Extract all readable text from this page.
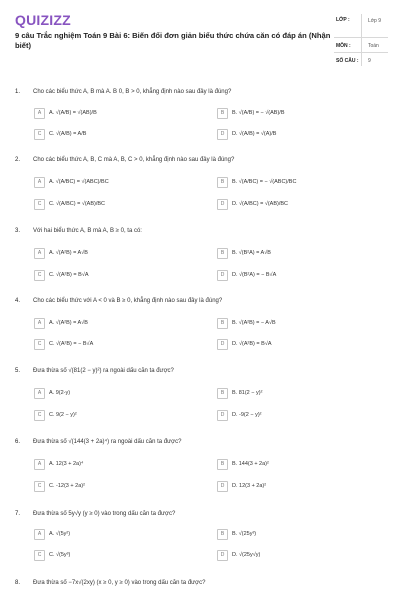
QUIZIZZ
9 câu Trắc nghiệm Toán 9 Bài 6: Biến đổi đơn giản biểu thức chứa căn có đáp án (Nhận biết)
LỚP :	Lớp 9
MÔN :	Toán
SỐ CÂU : 9
1. Cho các biểu thức A, B mà A. B 0, B > 0, khẳng định nào sau đây là đúng?
A	A. √(A/B) = √(AB)/B	B	B. √(A/B) = − √(AB)/B
C	C. √(A/B) = A/B	D	D. √(A/B) = √(A)/B
2. Cho các biểu thức A, B, C mà A, B, C > 0, khẳng định nào sau đây là đúng?
A	A. √(A/BC) = √(ABC)/BC	B	B. √(A/BC) = − √(ABC)/BC
C	C. √(A/BC) = √(AB)/BC	D	D. √(A/BC) = √(AB)/BC
3. Với hai biểu thức A, B mà A, B ≥ 0, ta có:
A	A. √(A²B) = A√B	B	B. √(B²A) = A√B
C	C. √(A²B) = B√A	D	D. √(B²A) = − B√A
4. Cho các biểu thức với A < 0 và B ≥ 0, khẳng định nào sau đây là đúng?
A	A. √(A²B) = A√B	B	B. √(A²B) = − A√B
C	C. √(A²B) = − B√A	D	D. √(A²B) = B√A
5. Đưa thừa số √(81(2 − y)²) ra ngoài dấu căn ta được?
A	A. 9(2-y)	B	B. 81(2 − y)²
C	C. 9(2 − y)²	D	D. -9(2 − y)²
6. Đưa thừa số √(144(3 + 2a)⁴) ra ngoài dấu căn ta được?
A	A. 12(3 + 2a)⁴	B	B. 144(3 + 2a)²
C	C. -12(3 + 2a)²	D	D. 12(3 + 2a)²
7. Đưa thừa số 5y√y (y ≥ 0) vào trong dấu căn ta được?
A	A. √(5y²)	B	B. √(25y³)
C	C. √(5y³)	D	D. √(25y√y)
8. Đưa thừa số −7x√(2xy) (x ≥ 0, y ≥ 0) vào trong dấu căn ta được?
